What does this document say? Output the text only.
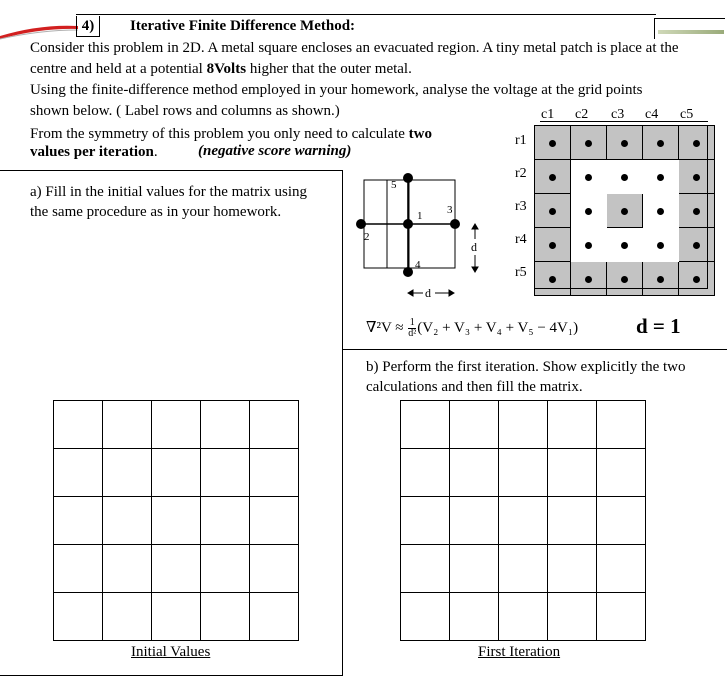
4)	Iterative Finite Difference Method:
Consider this problem in 2D. A metal square encloses an evacuated region. A tiny metal patch is place at the
centre and held at a potential 8Volts higher that the outer metal.
Using the finite-difference method employed in your homework, analyse the voltage at the grid points
shown below. ( Label rows and columns as shown.)
From the symmetry of this problem you only need to calculate two
values per iteration.	(negative score warning)
a) Fill in the initial values for the matrix using
the same procedure as in your homework.
5
1 3
2
4
d
d
c1 c2 c3 c4 c5
r1
r2
r3
r4
r5

$\nabla^2V \approx \frac{1}{\text{d²}} (V_2 + V_3 + V_4 + V_5 - 4V_1)$	d = 1
b) Perform the first iteration. Show explicitly the two
calculations and then fill the matrix.

Initial Values

					First Iteration
